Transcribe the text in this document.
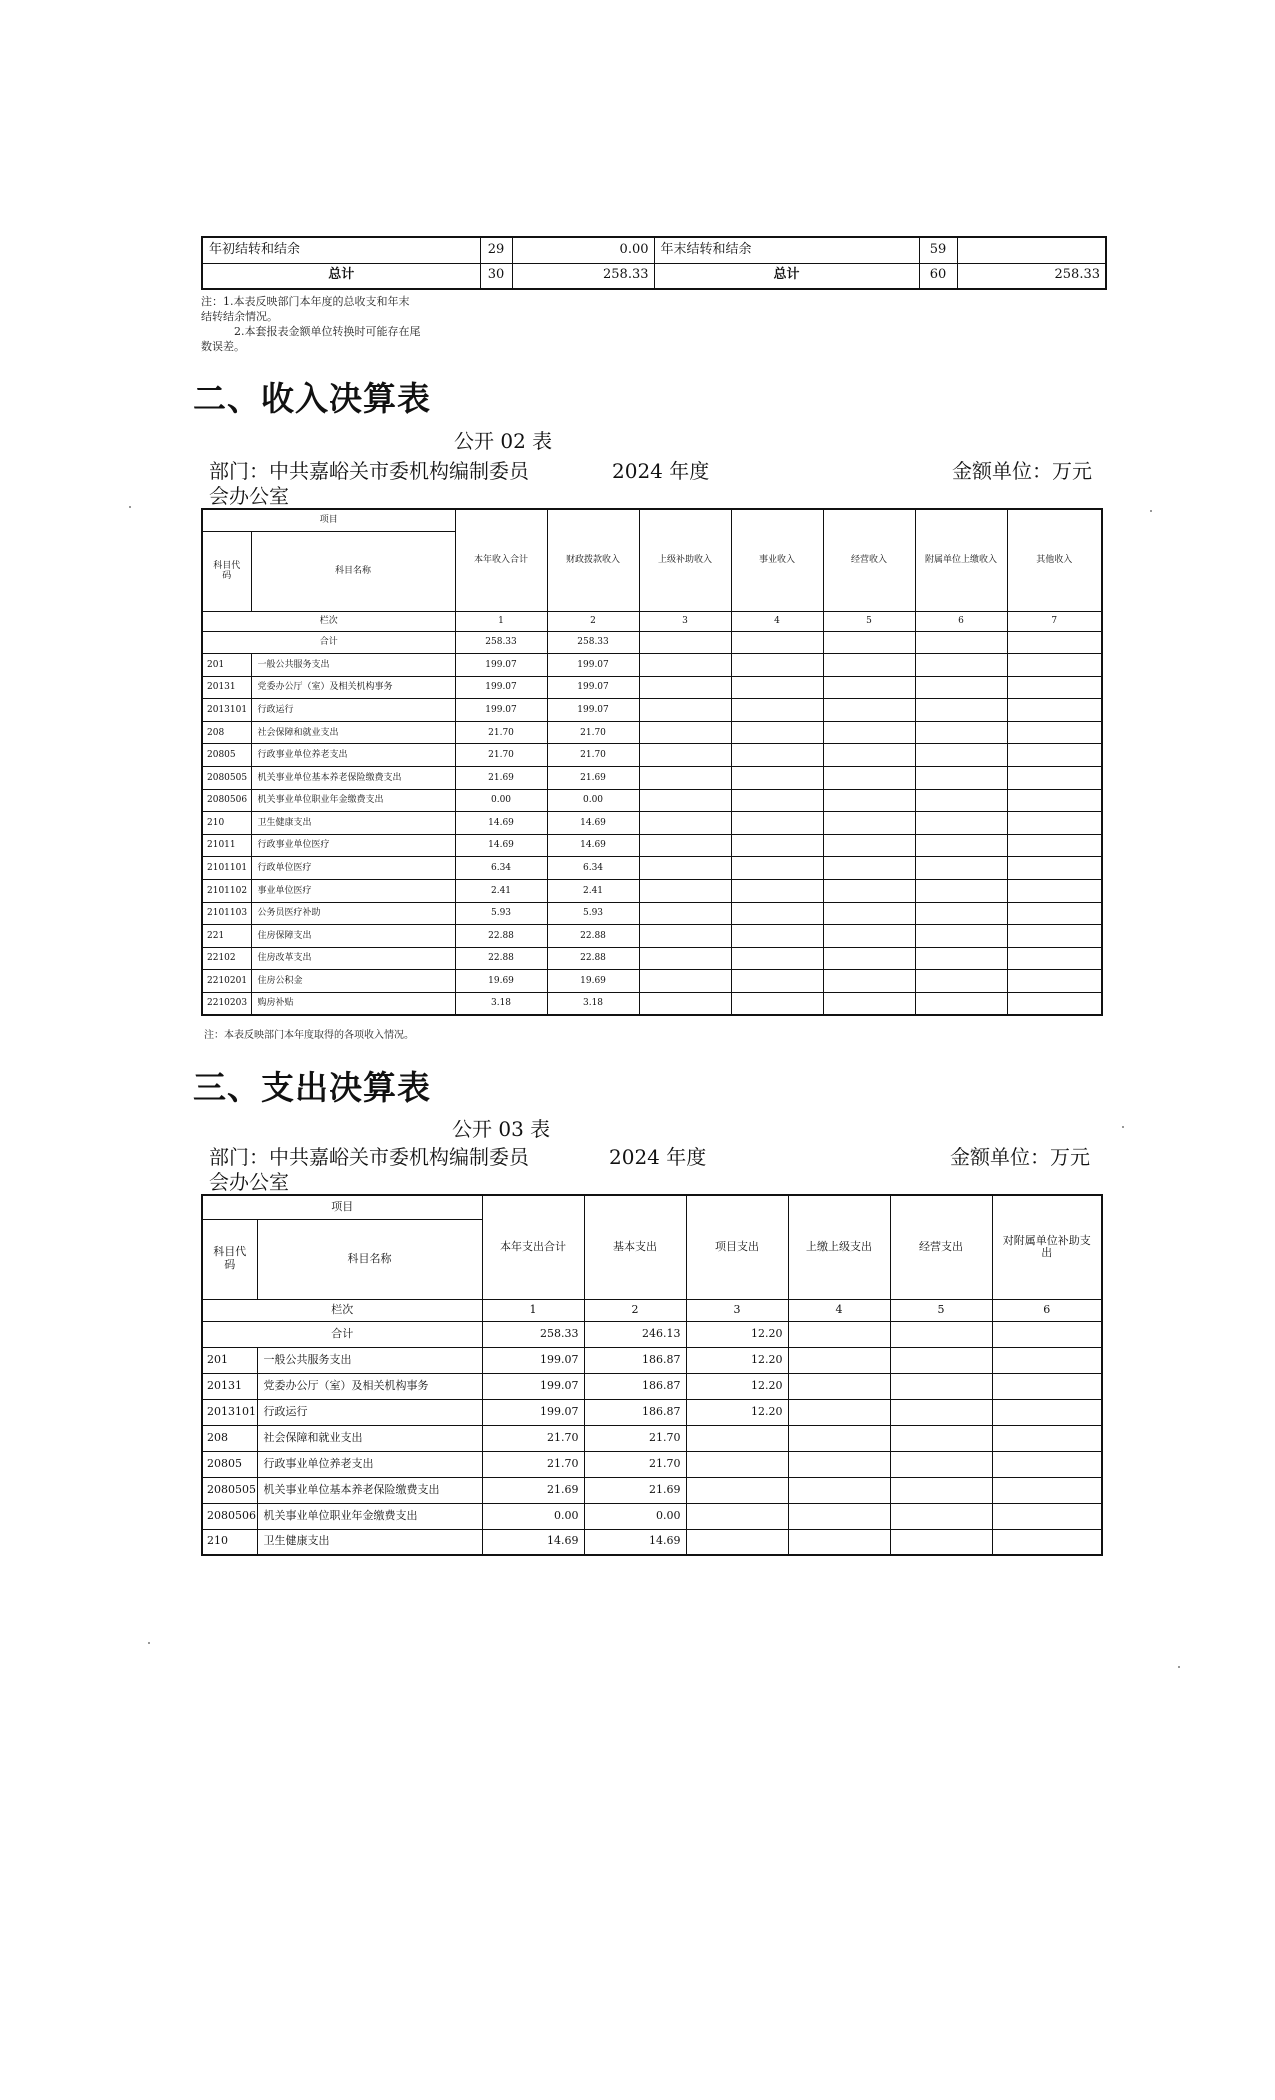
年初结转和结余	29	0.00	年末结转和结余	59	
总计	30	258.33	总计	60	258.33
注：1.本表反映部门本年度的总收支和年末
结转结余情况。
2.本套报表金额单位转换时可能存在尾
数误差。
二、收入决算表
公开 02 表
部门：中共嘉峪关市委机构编制委员
会办公室
2024 年度	金额单位：万元
项目		本年收入合计	财政拨款收入	上级补助收入	事业收入	经营收入	附属单位上缴收入	其他收入
科目代码	科目名称							
栏次		1	2	3	4	5	6	7
合计		258.33	258.33					
201	一般公共服务支出	199.07	199.07					
20131	党委办公厅（室）及相关机构事务	199.07	199.07					
2013101	行政运行	199.07	199.07					
208	社会保障和就业支出	21.70	21.70					
20805	行政事业单位养老支出	21.70	21.70					
2080505	机关事业单位基本养老保险缴费支出	21.69	21.69					
2080506	机关事业单位职业年金缴费支出	0.00	0.00					
210	卫生健康支出	14.69	14.69					
21011	行政事业单位医疗	14.69	14.69					
2101101	行政单位医疗	6.34	6.34					
2101102	事业单位医疗	2.41	2.41					
2101103	公务员医疗补助	5.93	5.93					
221	住房保障支出	22.88	22.88					
22102	住房改革支出	22.88	22.88					
2210201	住房公积金	19.69	19.69					
2210203	购房补贴	3.18	3.18					
注：本表反映部门本年度取得的各项收入情况。
三、支出决算表
公开 03 表
部门：中共嘉峪关市委机构编制委员
会办公室
2024 年度	金额单位：万元
项目		本年支出合计	基本支出	项目支出	上缴上级支出	经营支出	对附属单位补助支出
科目代码	科目名称						
栏次		1	2	3	4	5	6
合计		258.33	246.13	12.20			
201	一般公共服务支出	199.07	186.87	12.20			
20131	党委办公厅（室）及相关机构事务	199.07	186.87	12.20			
2013101	行政运行	199.07	186.87	12.20			
208	社会保障和就业支出	21.70	21.70				
20805	行政事业单位养老支出	21.70	21.70				
2080505	机关事业单位基本养老保险缴费支出	21.69	21.69				
2080506	机关事业单位职业年金缴费支出	0.00	0.00				
210	卫生健康支出	14.69	14.69				
